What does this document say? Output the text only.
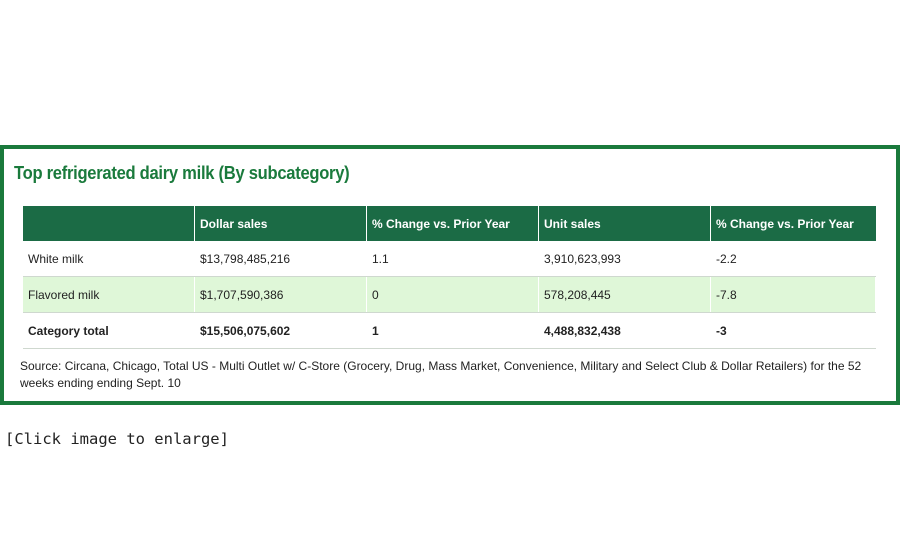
Top refrigerated dairy milk (By subcategory)
	Dollar sales	% Change vs. Prior Year	Unit sales	% Change vs. Prior Year
White milk	$13,798,485,216	1.1	3,910,623,993	-2.2
Flavored milk	$1,707,590,386	0	578,208,445	-7.8
Category total	$15,506,075,602	1	4,488,832,438	-3

Source: Circana, Chicago, Total US - Multi Outlet w/ C-Store (Grocery, Drug, Mass Market, Convenience, Military and Select Club & Dollar Retailers) for the 52 weeks ending ending Sept. 10

[Click image to enlarge]
